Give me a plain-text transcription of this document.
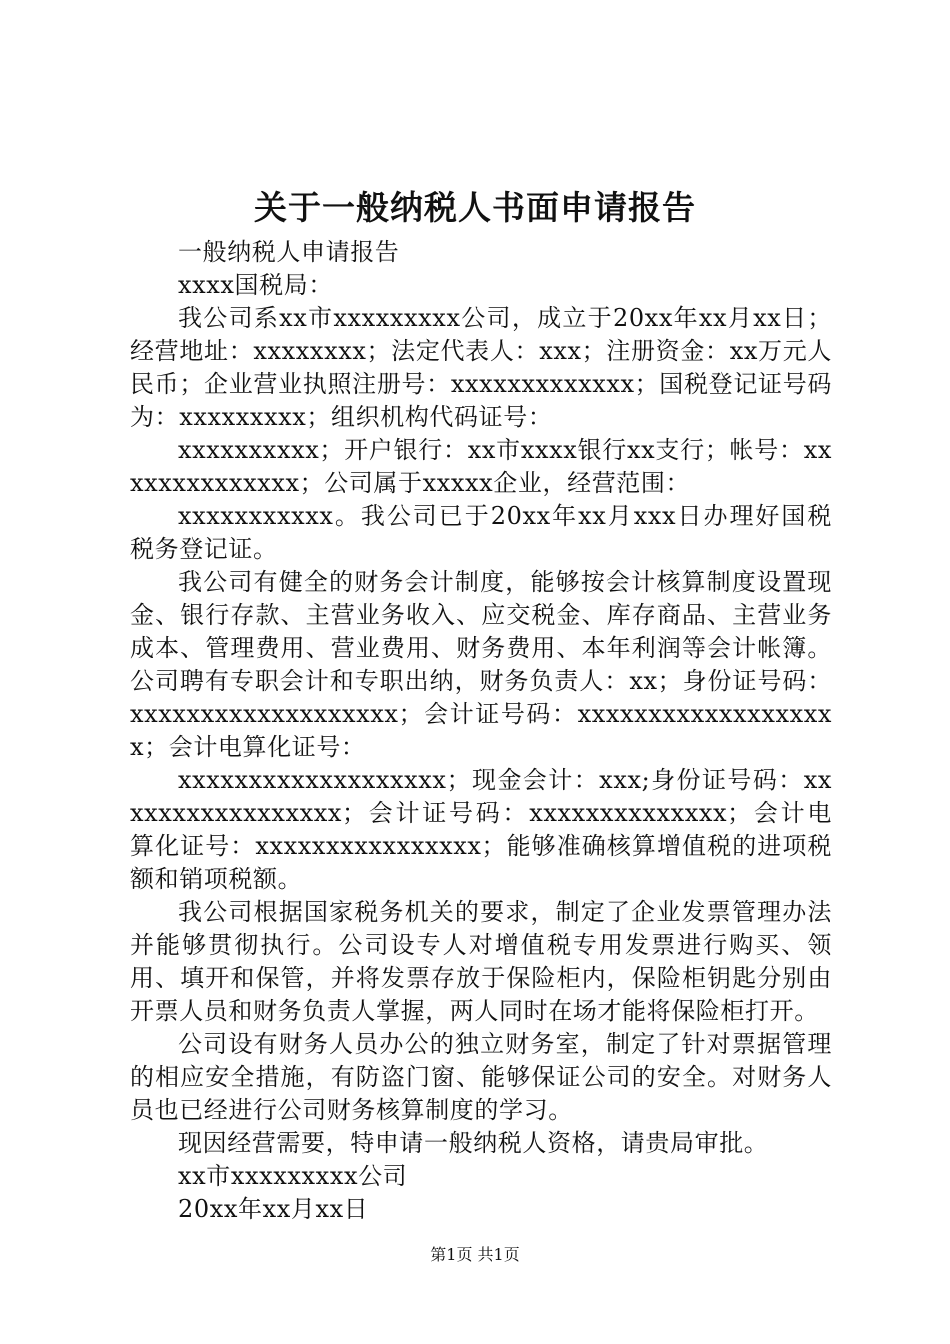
关于一般纳税人书面申请报告

一般纳税人申请报告

xxxx国税局：

我公司系xx市xxxxxxxxx公司，成立于20xx年xx月xx日；经营地址：xxxxxxxx；法定代表人：xxx；注册资金：xx万元人民币；企业营业执照注册号：xxxxxxxxxxxxx；国税登记证号码为：xxxxxxxxx；组织机构代码证号：

xxxxxxxxxx；开户银行：xx市xxxx银行xx支行；帐号：xxxxxxxxxxxxxx；公司属于xxxxx企业，经营范围：

xxxxxxxxxxx。我公司已于20xx年xx月xxx日办理好国税税务登记证。

我公司有健全的财务会计制度，能够按会计核算制度设置现金、银行存款、主营业务收入、应交税金、库存商品、主营业务成本、管理费用、营业费用、财务费用、本年利润等会计帐簿。公司聘有专职会计和专职出纳，财务负责人：xx；身份证号码：xxxxxxxxxxxxxxxxxxx；会计证号码：xxxxxxxxxxxxxxxxxxx；会计电算化证号：

xxxxxxxxxxxxxxxxxxx；现金会计：xxx;身份证号码：xxxxxxxxxxxxxxxxx；会计证号码：xxxxxxxxxxxxxx；会计电算化证号：xxxxxxxxxxxxxxxx；能够准确核算增值税的进项税额和销项税额。

我公司根据国家税务机关的要求，制定了企业发票管理办法并能够贯彻执行。公司设专人对增值税专用发票进行购买、领用、填开和保管，并将发票存放于保险柜内，保险柜钥匙分别由开票人员和财务负责人掌握，两人同时在场才能将保险柜打开。

公司设有财务人员办公的独立财务室，制定了针对票据管理的相应安全措施，有防盗门窗、能够保证公司的安全。对财务人员也已经进行公司财务核算制度的学习。

现因经营需要，特申请一般纳税人资格，请贵局审批。

xx市xxxxxxxxx公司

20xx年xx月xx日

第1页 共1页
